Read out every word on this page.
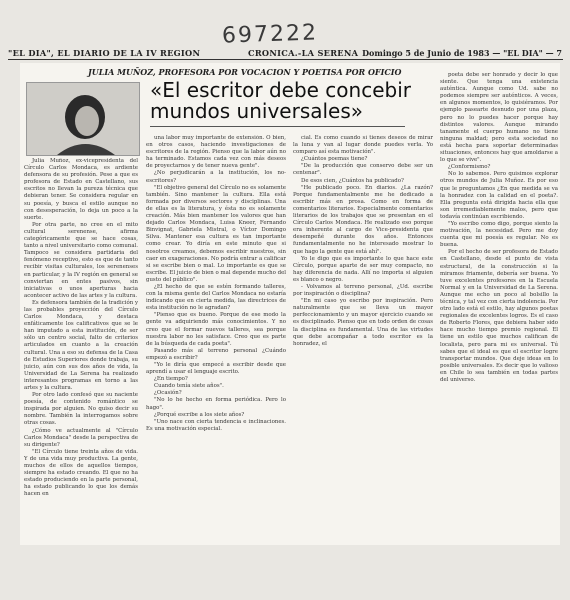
697222
"EL DIA", EL DIARIO DE LA IV REGION	CRONICA.-LA SERENA Domingo 5 de Junio de 1983 — "EL DIA" — 7
JULIA MUÑOZ, PROFESORA POR VOCACION Y POETISA POR OFICIO
«El escritor debe concebir
mundos universales»

Julia Muñoz, ex-vicepresidenta del Círculo Carlos Mondaca, es ardiente defensora de su profesión. Pese a que es profesora de Estado en Castellano, sus escritos no llevan la pureza técnica que debieran tener. Se considera regular en su poesía, y busca el estilo aunque no con desesperación, lo deja un poco a la suerte.

Por otra parte, no cree en el mito cultural serenense, afirma categóricamente que se hace cosas, tanto a nivel universitario como comunal. Tampoco se considera partidaria del fenómeno receptivo, esto es que de tanto recibir visitas culturales, los serenenses en particular, y la IV región en general se conviertan en entes pasivos, sin iniciativas o unos aperturas hacia acontecer activo de las artes y la cultura.

Es defensora también de la tradición y las probables proyección del Círculo Carlos Mondaca, y destaca enfáticamente los calificativos que se le han imputado a esta institución, de ser sólo un centro social, falto de criterios articulados en cuanto a la creación cultural. Una a eso su defensa de la Casa de Estudios Superiores donde trabaja, su juicio, aún con sus dos años de vida, la Universidad de La Serena ha realizado interesantes programas en torno a las artes y la cultura.

Por otro lado confesó que su naciente poesía, de contenido romántico se inspirada por alguien. No quiso decir su nombre. También la interrogamos sobre otras cosas.

¿Cómo ve actualmente al "Círculo Carlos Mondaca" desde la perspectiva de su dirigente?

"El Círculo tiene treinta años de vida. Y de una vida muy productiva. La gente, muchos de ellos de aquellos tiempos, siempre ha estado creando. El que no ha estado produciendo en la parte personal, ha estado publicando lo que los demás hacen en

una labor muy importante de extensión. O bien, en otros casos, haciendo investigaciones de escritores de la región. Pienso que la labor aún no ha terminado. Estamos cada vez con más deseos de proyectarnos y de tener nueva gente".

¿No perjudicarán a la institución, los no-escritores?

"El objetivo general del Círculo no es solamente también. Sino mantener la cultura. Ella está formada por diversos sectores y disciplinas. Una de ellas es la literatura, y ésta no es solamente creación. Más bien mantener los valores que han dejado Carlos Mondaca, Luisa Kneer, Fernando Binvignat, Gabriela Mistral, o Víctor Domingo Silva. Mantener esa cultura es tan importante como crear. Yo diría en este minuto que si nosotros creamos, debemos escribir nuestros, sin caer en exageraciones. No podría entrar a calificar si se escribe bien o mal. Lo importante es que se escribe. El juicio de bien o mal depende mucho del gusto del público".

¿El hecho de que se estén formando talleres, con la misma gente del Carlos Mondaca no estaría indicando que en cierta medida, las directrices de esta institución no le agradan?

"Pienso que es bueno. Porque de ese modo la gente va adquiriendo más conocimientos. Y no creo que el formar nuevos talleres, sea porque nuestra labor no les satisface. Creo que es parte de la búsqueda de cada poeta".

Pasando más al terreno personal ¿Cuándo empezó a escribir?

"Yo le diría que empecé a escribir desde que aprendí a usar el lenguaje escrito.

¿En tiempo?

Cuando tenía siete años".

¿Ocasión?

"No lo he hecho en forma periódica. Pero lo hago".

¿Porqué escribe a los siete años?

"Uno nace con cierta tendencia e inclinaciones. Es una motivación especial.

cial. Es como cuando sí tienes deseos de mirar la luna y van al lugar donde puedes verla. Yo comparo así esta motivación".

¿Cuántos poemas tiene?

"De la producción que conservo debe ser un centenar".

De esos cien, ¿Cuántos ha publicado?

"He publicado poco. En diarios. ¿La razón? Porque fundamentalmente me he dedicado a escribir más en prosa. Como en forma de comentarios literarios. Especialmente comentarios literarios de los trabajos que se presentan en el Círculo Carlos Mondaca. He realizado eso porque era inherente al cargo de Vice-presidenta que desempeñé durante dos años. Entonces fundamentalmente no he interesado mostrar lo que hago la gente que está ahí".

Yo le digo que es importante lo que hace este Círculo, porque aparte de ser muy compacto, no hay diferencia de nada. Allí no importa si alguien es blanco o negro.

- Volvamos al terreno personal, ¿Ud. escribe por inspiración o disciplina?

"En mi caso yo escribo por inspiración. Pero naturalmente que se lleva un mayor perfeccionamiento y un mayor ejercicio cuando se es disciplinado. Pienso que en todo orden de cosas la disciplina es fundamental. Una de las virtudes que debe acompañar a todo escritor es la honradez, el

poeta debe ser honrado y decir lo que siente. Que tenga una existencia auténtica. Aunque como Ud. sabe no podemos siempre ser auténticos. A veces, en algunos momentos, lo quisiéramos. Por ejemplo pasearte desnudo por una plaza, pero no lo puedes hacer porque hay distintos valores. Aunque mirando tanamente el cuerpo humano no tiene ninguna maldad; pero esta sociedad no está hecha para soportar determinadas situaciones, entonces hay que amoldarse a lo que se vive".

¿Conformismo?

No lo sabemos. Pero quisimos explorar otros mundos de Julia Muñoz. Es por eso que le preguntamos ¿En que medida se va la honradez con la calidad en el poeta?. Ella pregunta está dirigida hacia ella que son irremediablemente malos, pero que todavía continúan escribiendo.

"Yo escribo como digo, porque siento la motivación, la necesidad. Pero me doy cuenta que mi poesía es regular. No es buena.

Por el hecho de ser profesora de Estado en Castellano, desde el punto de vista estructural, de la construcción si la miramos friamente, debería ser buena. Yo tuve excelentes profesores en la Escuela Normal y en la Universidad de La Serena. Aunque me echo un poco al bolsillo la técnica, y tal vez con cierta indolencia. Por otro lado está el estilo, hay algunos poetas regionales de excelentes logros. Es el caso de Roberto Flores, que debiera haber sido hace mucho tiempo premio regional. El tiene un estilo que muchos califican de localista, pero para mi es universal. Tú sabes que el ideal es que el escritor logre transportar mundos. Que deje ideas en lo posible universales. Es decir que lo valioso en Chile lo sea también en todas partes del universo.
